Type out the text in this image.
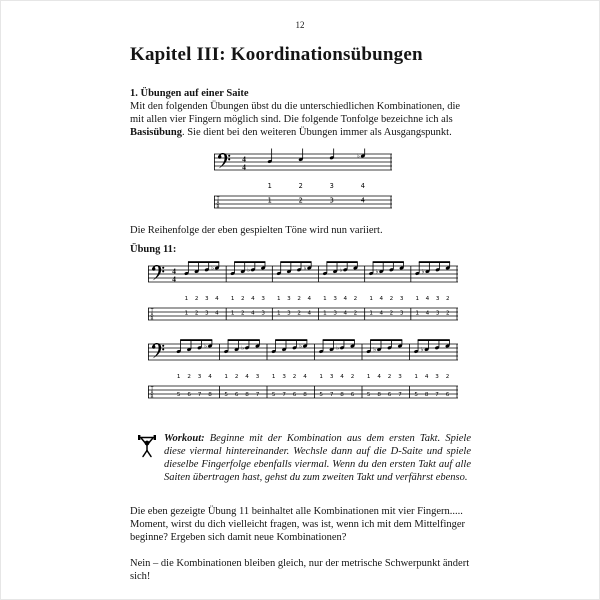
12
Kapitel III: Koordinationsübungen

1. Übungen auf einer Saite

Mit den folgenden Übungen übst du die unterschiedlichen Kombinationen, die mit allen vier Fingern möglich sind. Die folgende Tonfolge bezeichne ich als Basisübung. Sie dient bei den weiteren Übungen immer als Ausgangspunkt.

4
4
T
A
B
1
1
2
2
3
3
♭
4
4

Die Reihenfolge der eben gespielten Töne wird nun variiert.

Übung 11:

4
4
T
A
B
1
1
2
2
3
3
♭
4
4
1
1
2
2
♭
4
4
3
3
1
1
3
3
2
2
♭
4
4
1
1
3
3
♭
4
4
2
2
1
1
♭
4
4
2
2
3
3
1
1
♭
4
4
3
3
2
2
T
A
B
1
5
2
6
3
7
♭
4
8
1
5
2
6
♭
4
8
3
7
1
5
3
7
2
6
♭
4
8
1
5
3
7
♭
4
8
2
6
1
5
♭
4
8
2
6
3
7
1
5
♭
4
8
3
7
2
6

Workout: Beginne mit der Kombination aus dem ersten Takt. Spiele diese viermal hintereinander. Wechsle dann auf die D-Saite und spiele dieselbe Fingerfolge ebenfalls viermal. Wenn du den ersten Takt auf alle Saiten übertragen hast, gehst du zum zweiten Takt und verfährst ebenso.

Die eben gezeigte Übung 11 beinhaltet alle Kombinationen mit vier Fingern..... Moment, wirst du dich vielleicht fragen, was ist, wenn ich mit dem Mittelfinger beginne? Ergeben sich damit neue Kombinationen?

Nein – die Kombinationen bleiben gleich, nur der metrische Schwerpunkt ändert sich!
